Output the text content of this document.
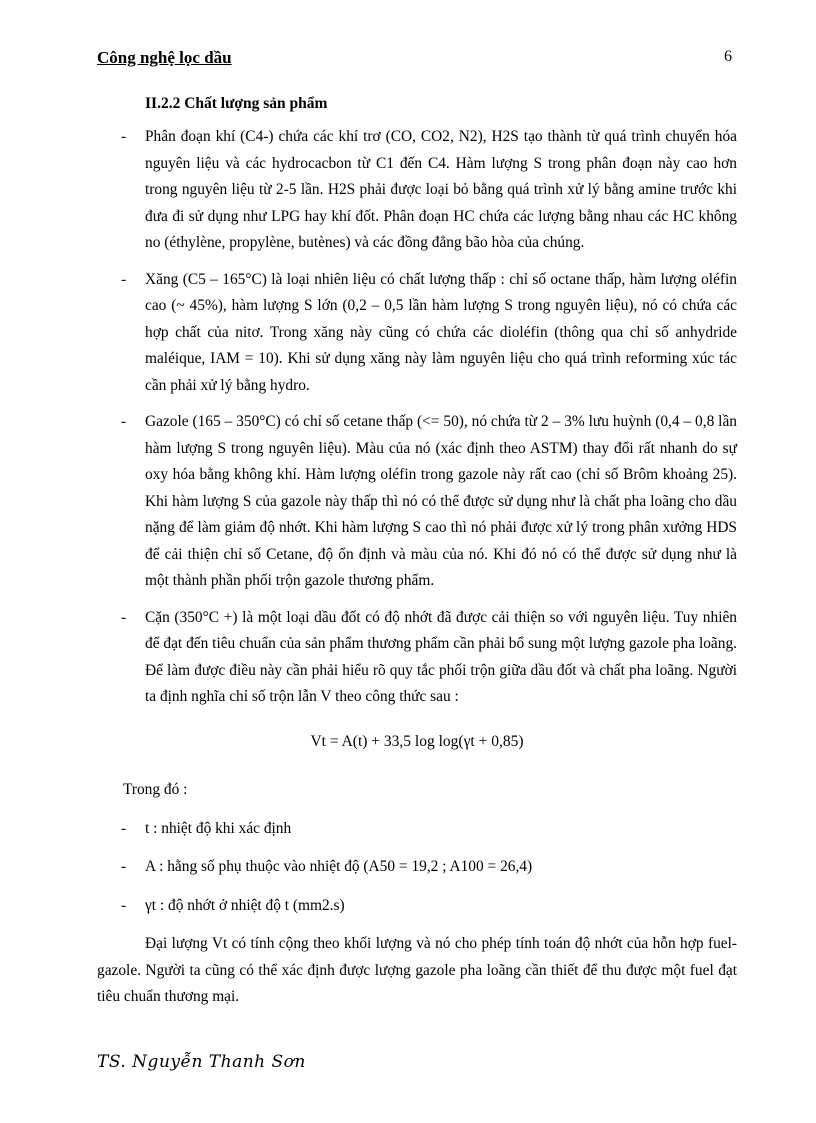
Công nghệ lọc dầu	6
II.2.2 Chất lượng sản phẩm
- Phân đoạn khí (C4-) chứa các khí trơ (CO, CO2, N2), H2S tạo thành từ quá trình chuyển hóa nguyên liệu và các hydrocacbon từ C1 đến C4. Hàm lượng S trong phân đoạn này cao hơn trong nguyên liệu từ 2-5 lần. H2S phải được loại bỏ bằng quá trình xử lý bằng amine trước khi đưa đi sử dụng như LPG hay khí đốt. Phân đoạn HC chứa các lượng bằng nhau các HC không no (éthylène, propylène, butènes) và các đồng đẳng bão hòa của chúng.
- Xăng (C5 – 165°C) là loại nhiên liệu có chất lượng thấp : chỉ số octane thấp, hàm lượng oléfin cao (~ 45%), hàm lượng S lớn (0,2 – 0,5 lần hàm lượng S trong nguyên liệu), nó có chứa các hợp chất của nitơ. Trong xăng này cũng có chứa các dioléfin (thông qua chỉ số anhydride maléique, IAM = 10). Khi sử dụng xăng này làm nguyên liệu cho quá trình reforming xúc tác cần phải xử lý bằng hydro.
- Gazole (165 – 350°C) có chỉ số cetane thấp (<= 50), nó chứa từ 2 – 3% lưu huỳnh (0,4 – 0,8 lần hàm lượng S trong nguyên liệu). Màu của nó (xác định theo ASTM) thay đổi rất nhanh do sự oxy hóa bằng không khí. Hàm lượng oléfin trong gazole này rất cao (chỉ số Brôm khoảng 25). Khi hàm lượng S của gazole này thấp thì nó có thể được sử dụng như là chất pha loãng cho dầu nặng để làm giảm độ nhớt. Khi hàm lượng S cao thì nó phải được xử lý trong phân xưởng HDS để cải thiện chỉ số Cetane, độ ổn định và màu của nó. Khi đó nó có thể được sử dụng như là một thành phần phối trộn gazole thương phẩm.
- Cặn (350°C +) là một loại dầu đốt có độ nhớt đã được cải thiện so với nguyên liệu. Tuy nhiên để đạt đến tiêu chuẩn của sản phẩm thương phẩm cần phải bổ sung một lượng gazole pha loãng. Để làm được điều này cần phải hiểu rõ quy tắc phối trộn giữa dầu đốt và chất pha loãng. Người ta định nghĩa chỉ số trộn lẫn V theo công thức sau :
Vt = A(t) + 33,5 log log(γt + 0,85)
Trong đó :
- t : nhiệt độ khi xác định
- A : hằng số phụ thuộc vào nhiệt độ (A50 = 19,2 ; A100 = 26,4)
- γt : độ nhớt ở nhiệt độ t (mm2.s)
Đại lượng Vt có tính cộng theo khối lượng và nó cho phép tính toán độ nhớt của hỗn hợp fuel-gazole. Người ta cũng có thể xác định được lượng gazole pha loãng cần thiết để thu được một fuel đạt tiêu chuẩn thương mại.
TS. Nguyễn Thanh Sơn
